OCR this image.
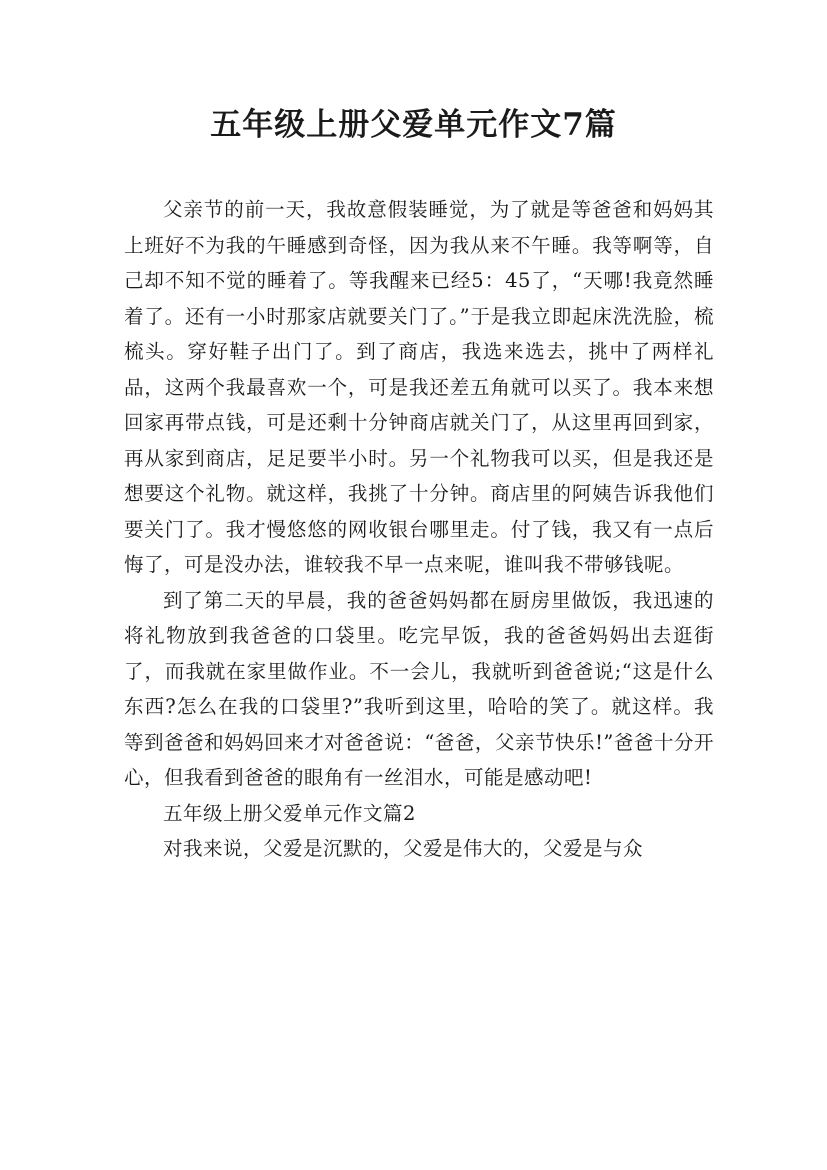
五年级上册父爱单元作文7篇

父亲节的前一天，我故意假装睡觉，为了就是等爸爸和妈妈其上班好不为我的午睡感到奇怪，因为我从来不午睡。我等啊等，自己却不知不觉的睡着了。等我醒来已经5：45了，“天哪!我竟然睡着了。还有一小时那家店就要关门了。”于是我立即起床洗洗脸，梳梳头。穿好鞋子出门了。到了商店，我选来选去，挑中了两样礼品，这两个我最喜欢一个，可是我还差五角就可以买了。我本来想回家再带点钱，可是还剩十分钟商店就关门了，从这里再回到家，再从家到商店，足足要半小时。另一个礼物我可以买，但是我还是想要这个礼物。就这样，我挑了十分钟。商店里的阿姨告诉我他们要关门了。我才慢悠悠的网收银台哪里走。付了钱，我又有一点后悔了，可是没办法，谁较我不早一点来呢，谁叫我不带够钱呢。

到了第二天的早晨，我的爸爸妈妈都在厨房里做饭，我迅速的将礼物放到我爸爸的口袋里。吃完早饭，我的爸爸妈妈出去逛街了，而我就在家里做作业。不一会儿，我就听到爸爸说;“这是什么东西?怎么在我的口袋里?”我听到这里，哈哈的笑了。就这样。我等到爸爸和妈妈回来才对爸爸说：“爸爸，父亲节快乐!”爸爸十分开心，但我看到爸爸的眼角有一丝泪水，可能是感动吧!

五年级上册父爱单元作文篇2

对我来说，父爱是沉默的，父爱是伟大的，父爱是与众
